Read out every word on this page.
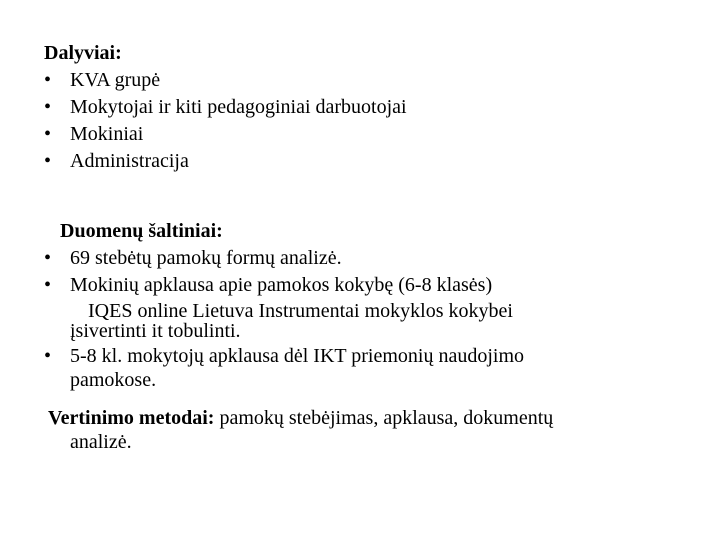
Dalyviai:
• KVA grupė
• Mokytojai ir kiti pedagoginiai darbuotojai
• Mokiniai
• Administracija
Duomenų šaltiniai:
• 69 stebėtų pamokų formų analizė.
• Mokinių apklausa apie pamokos kokybę (6-8 klasės)
IQES online Lietuva Instrumentai mokyklos kokybei
įsivertinti it tobulinti.
• 5-8 kl. mokytojų apklausa dėl IKT priemonių naudojimo
pamokose.
Vertinimo metodai: pamokų stebėjimas, apklausa, dokumentų
analizė.
